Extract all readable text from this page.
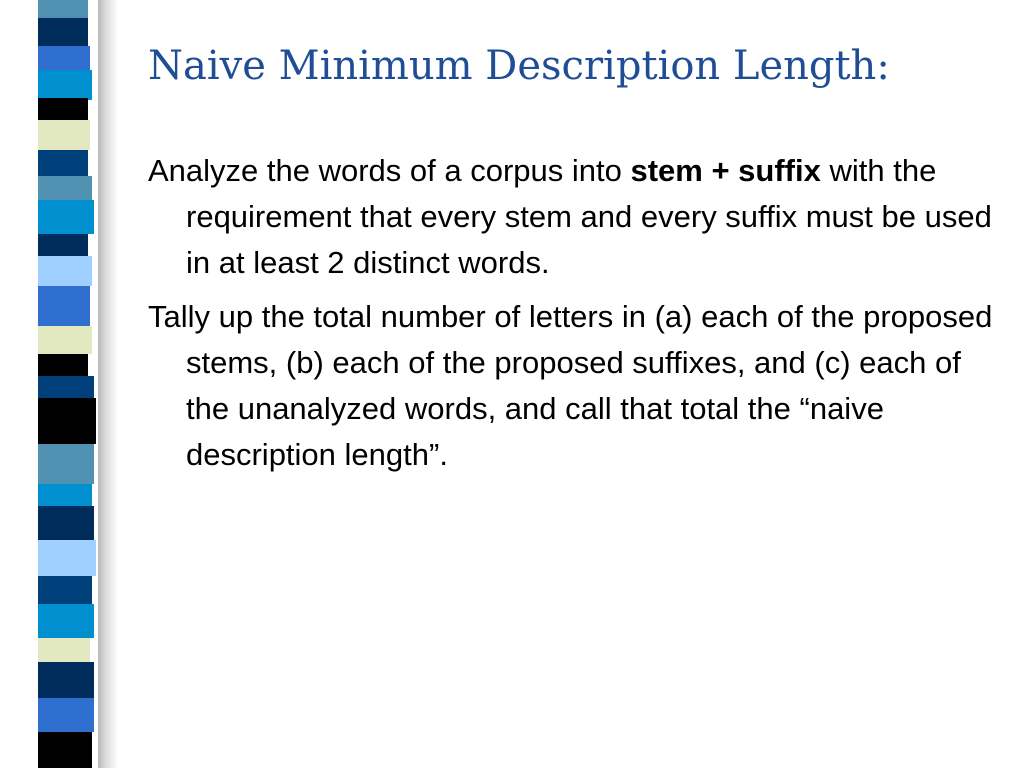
Naive Minimum Description Length:
Analyze the words of a corpus into stem + suffix with the requirement that every stem and every suffix must be used in at least 2 distinct words.
Tally up the total number of letters in (a) each of the proposed stems, (b) each of the proposed suffixes, and (c) each of the unanalyzed words, and call that total the “naive description length”.
